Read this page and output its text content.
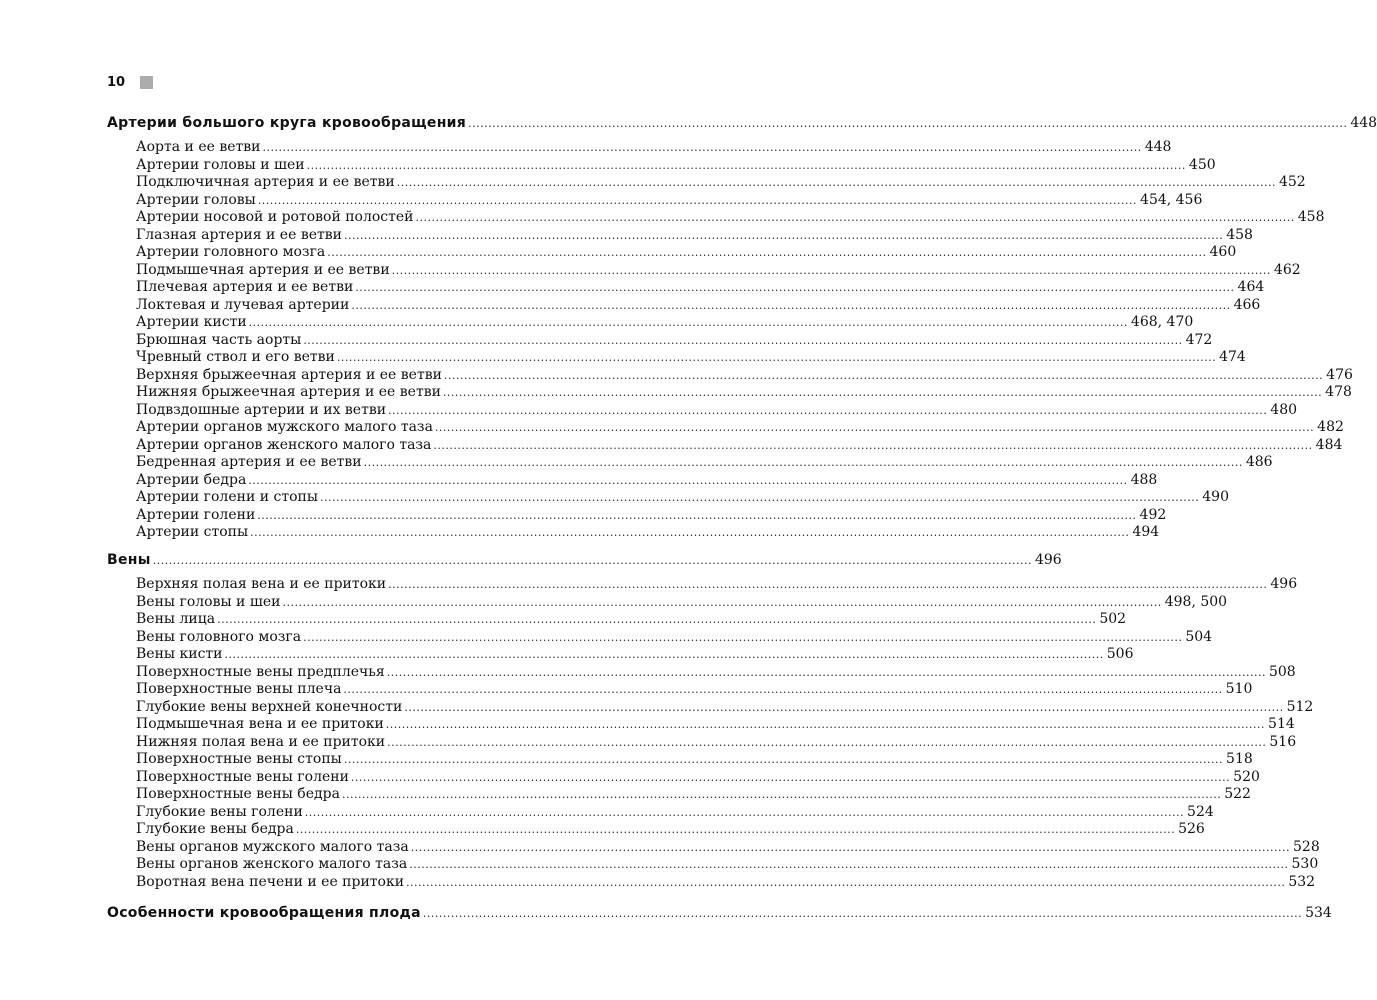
10
Артерии большого круга кровообращения ............................................................................................................................................................................................................................ 448
Аорта и ее ветви ............................................................................................................................................................................................................................ 448
Артерии головы и шеи ............................................................................................................................................................................................................................ 450
Подключичная артерия и ее ветви ............................................................................................................................................................................................................................ 452
Артерии головы ............................................................................................................................................................................................................................ 454, 456
Артерии носовой и ротовой полостей ............................................................................................................................................................................................................................ 458
Глазная артерия и ее ветви ............................................................................................................................................................................................................................ 458
Артерии головного мозга ............................................................................................................................................................................................................................ 460
Подмышечная артерия и ее ветви ............................................................................................................................................................................................................................ 462
Плечевая артерия и ее ветви ............................................................................................................................................................................................................................ 464
Локтевая и лучевая артерии ............................................................................................................................................................................................................................ 466
Артерии кисти ............................................................................................................................................................................................................................ 468, 470
Брюшная часть аорты ............................................................................................................................................................................................................................ 472
Чревный ствол и его ветви ............................................................................................................................................................................................................................ 474
Верхняя брыжеечная артерия и ее ветви ............................................................................................................................................................................................................................ 476
Нижняя брыжеечная артерия и ее ветви ............................................................................................................................................................................................................................ 478
Подвздошные артерии и их ветви ............................................................................................................................................................................................................................ 480
Артерии органов мужского малого таза ............................................................................................................................................................................................................................ 482
Артерии органов женского малого таза ............................................................................................................................................................................................................................ 484
Бедренная артерия и ее ветви ............................................................................................................................................................................................................................ 486
Артерии бедра ............................................................................................................................................................................................................................ 488
Артерии голени и стопы ............................................................................................................................................................................................................................ 490
Артерии голени ............................................................................................................................................................................................................................ 492
Артерии стопы ............................................................................................................................................................................................................................ 494
Вены ............................................................................................................................................................................................................................ 496
Верхняя полая вена и ее притоки ............................................................................................................................................................................................................................ 496
Вены головы и шеи ............................................................................................................................................................................................................................ 498, 500
Вены лица ............................................................................................................................................................................................................................ 502
Вены головного мозга ............................................................................................................................................................................................................................ 504
Вены кисти ............................................................................................................................................................................................................................ 506
Поверхностные вены предплечья ............................................................................................................................................................................................................................ 508
Поверхностные вены плеча ............................................................................................................................................................................................................................ 510
Глубокие вены верхней конечности ............................................................................................................................................................................................................................ 512
Подмышечная вена и ее притоки ............................................................................................................................................................................................................................ 514
Нижняя полая вена и ее притоки ............................................................................................................................................................................................................................ 516
Поверхностные вены стопы ............................................................................................................................................................................................................................ 518
Поверхностные вены голени ............................................................................................................................................................................................................................ 520
Поверхностные вены бедра ............................................................................................................................................................................................................................ 522
Глубокие вены голени ............................................................................................................................................................................................................................ 524
Глубокие вены бедра ............................................................................................................................................................................................................................ 526
Вены органов мужского малого таза ............................................................................................................................................................................................................................ 528
Вены органов женского малого таза ............................................................................................................................................................................................................................ 530
Воротная вена печени и ее притоки ............................................................................................................................................................................................................................ 532
Особенности кровообращения плода ............................................................................................................................................................................................................................ 534
